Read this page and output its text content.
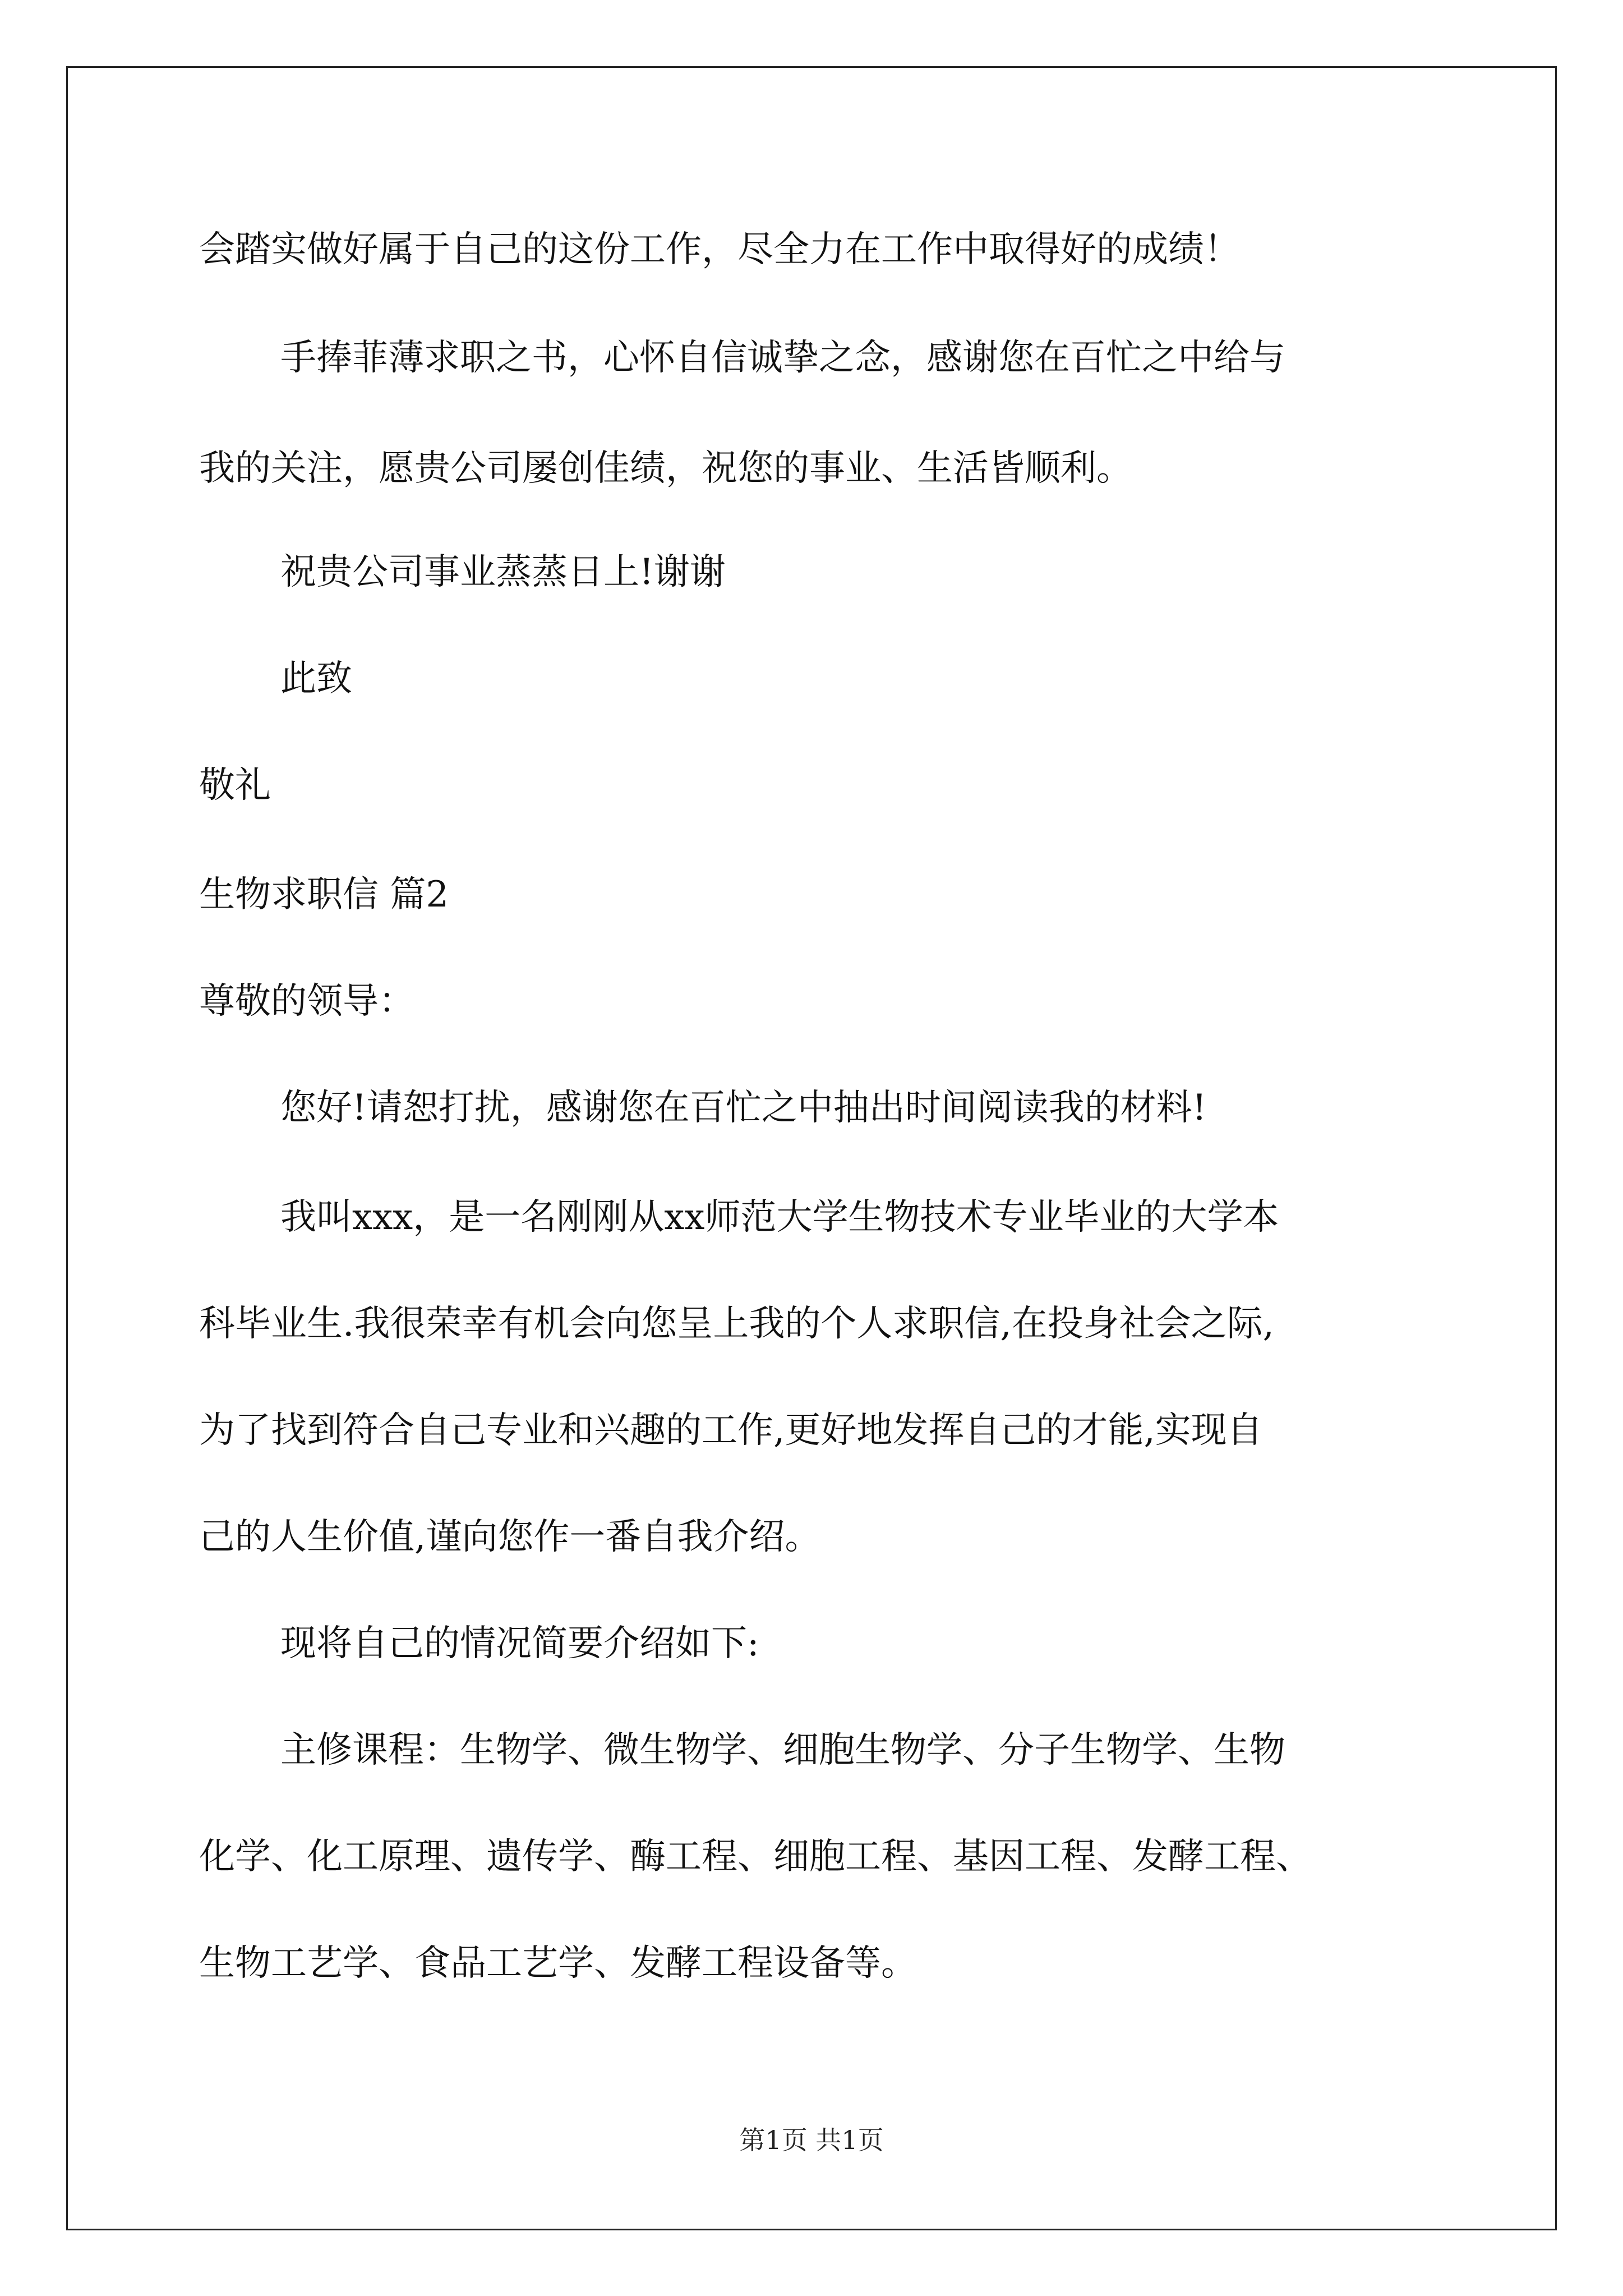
会踏实做好属于自己的这份工作，尽全力在工作中取得好的成绩！
手捧菲薄求职之书，心怀自信诚挚之念，感谢您在百忙之中给与
我的关注，愿贵公司屡创佳绩，祝您的事业、生活皆顺利。
祝贵公司事业蒸蒸日上!谢谢
此致
敬礼
生物求职信 篇2
尊敬的领导：
您好!请恕打扰，感谢您在百忙之中抽出时间阅读我的材料!
我叫xxx，是一名刚刚从xx师范大学生物技术专业毕业的大学本
科毕业生.我很荣幸有机会向您呈上我的个人求职信,在投身社会之际,
为了找到符合自己专业和兴趣的工作,更好地发挥自己的才能,实现自
己的人生价值,谨向您作一番自我介绍。
现将自己的情况简要介绍如下:
主修课程：生物学、微生物学、细胞生物学、分子生物学、生物
化学、化工原理、遗传学、酶工程、细胞工程、基因工程、发酵工程、
生物工艺学、食品工艺学、发酵工程设备等。
第1页 共1页
